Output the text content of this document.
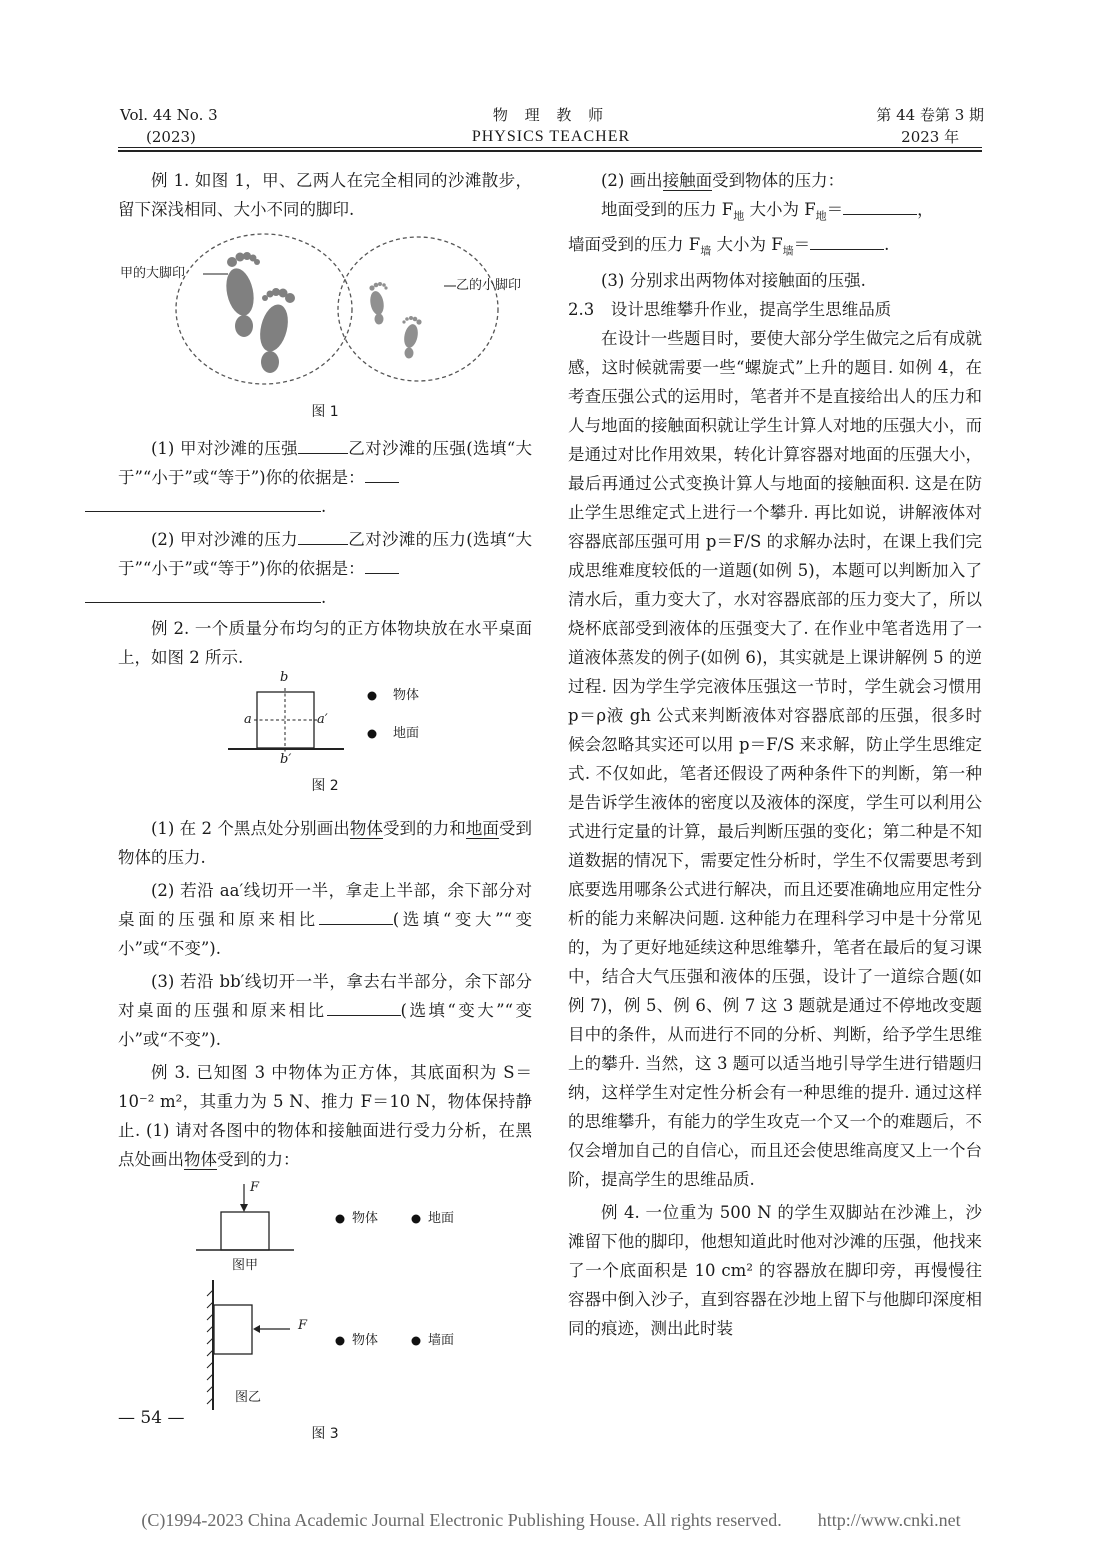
Vol. 44 No. 3
(2023)
物 理 教 师
PHYSICS TEACHER
第 44 卷第 3 期
2023 年

例 1. 如图 1，甲、乙两人在完全相同的沙滩散步，留下深浅相同、大小不同的脚印.

甲的大脚印
乙的小脚印
图 1

(1) 甲对沙滩的压强	乙对沙滩的压强(选填“大于”“小于”或“等于”)你的依据是：
.

(2) 甲对沙滩的压力	乙对沙滩的压力(选填“大于”“小于”或“等于”)你的依据是：
.

例 2. 一个质量分布均匀的正方体物块放在水平桌面上，如图 2 所示.

b
a	a′
b′
物体
地面
图 2

(1) 在 2 个黑点处分别画出物体受到的力和地面受到物体的压力.

(2) 若沿 aa′线切开一半，拿走上半部，余下部分对桌面的压强和原来相比	(选填“变大”“变小”或“不变”).

(3) 若沿 bb′线切开一半，拿去右半部分，余下部分对桌面的压强和原来相比	(选填“变大”“变小”或“不变”).

例 3. 已知图 3 中物体为正方体，其底面积为 S＝10⁻² m²，其重力为 5 N、推力 F＝10 N，物体保持静止. (1) 请对各图中的物体和接触面进行受力分析，在黑点处画出物体受到的力：

F
物体	地面
图甲
F
物体	墙面
图乙
图 3

(2) 画出接触面受到物体的压力：

地面受到的压力 $F_地$ 大小为 $F_地=$	，

墙面受到的压力 $F_墙$ 大小为 $F_墙=$	.

(3) 分别求出两物体对接触面的压强.

2.3　设计思维攀升作业，提高学生思维品质

在设计一些题目时，要使大部分学生做完之后有成就感，这时候就需要一些“螺旋式”上升的题目. 如例 4，在考查压强公式的运用时，笔者并不是直接给出人的压力和人与地面的接触面积就让学生计算人对地的压强大小，而是通过对比作用效果，转化计算容器对地面的压强大小，最后再通过公式变换计算人与地面的接触面积. 这是在防止学生思维定式上进行一个攀升. 再比如说，讲解液体对容器底部压强可用 p＝F/S 的求解办法时，在课上我们完成思维难度较低的一道题(如例 5)，本题可以判断加入了清水后，重力变大了，水对容器底部的压力变大了，所以烧杯底部受到液体的压强变大了. 在作业中笔者选用了一道液体蒸发的例子(如例 6)，其实就是上课讲解例 5 的逆过程. 因为学生学完液体压强这一节时，学生就会习惯用 p＝ρ液 gh 公式来判断液体对容器底部的压强，很多时候会忽略其实还可以用 p＝F/S 来求解，防止学生思维定式. 不仅如此，笔者还假设了两种条件下的判断，第一种是告诉学生液体的密度以及液体的深度，学生可以利用公式进行定量的计算，最后判断压强的变化；第二种是不知道数据的情况下，需要定性分析时，学生不仅需要思考到底要选用哪条公式进行解决，而且还要准确地应用定性分析的能力来解决问题. 这种能力在理科学习中是十分常见的，为了更好地延续这种思维攀升，笔者在最后的复习课中，结合大气压强和液体的压强，设计了一道综合题(如例 7)，例 5、例 6、例 7 这 3 题就是通过不停地改变题目中的条件，从而进行不同的分析、判断，给予学生思维上的攀升. 当然，这 3 题可以适当地引导学生进行错题归纳，这样学生对定性分析会有一种思维的提升. 通过这样的思维攀升，有能力的学生攻克一个又一个的难题后，不仅会增加自己的自信心，而且还会使思维高度又上一个台阶，提高学生的思维品质.

例 4. 一位重为 500 N 的学生双脚站在沙滩上，沙滩留下他的脚印，他想知道此时他对沙滩的压强，他找来了一个底面积是 10 cm² 的容器放在脚印旁，再慢慢往容器中倒入沙子，直到容器在沙地上留下与他脚印深度相同的痕迹，测出此时装

— 54 —
(C)1994-2023 China Academic Journal Electronic Publishing House. All rights reserved.　　http://www.cnki.net
